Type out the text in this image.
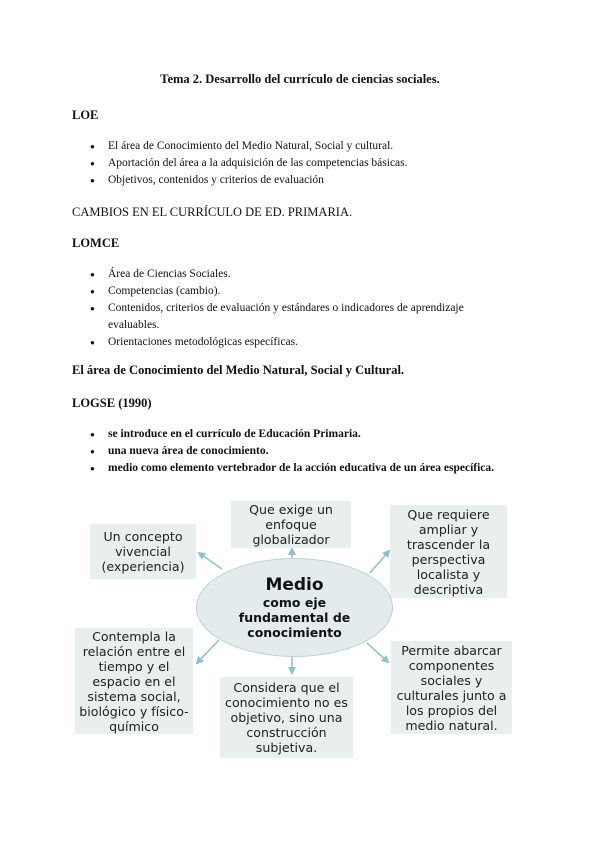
Tema 2. Desarrollo del currículo de ciencias sociales.
LOE
● El área de Conocimiento del Medio Natural, Social y cultural.
● Aportación del área a la adquisición de las competencias básicas.
● Objetivos, contenidos y criterios de evaluación
CAMBIOS EN EL CURRÍCULO DE ED. PRIMARIA.
LOMCE
● Área de Ciencias Sociales.
● Competencias (cambio).
● Contenidos, criterios de evaluación y estándares o indicadores de aprendizaje evaluables.
● Orientaciones metodológicas específicas.
El área de Conocimiento del Medio Natural, Social y Cultural.
LOGSE (1990)
● se introduce en el currículo de Educación Primaria.
● una nueva área de conocimiento.
● medio como elemento vertebrador de la acción educativa de un área específica.
Un concepto vivencial (experiencia)
Que exige un enfoque globalizador
Que requiere ampliar y trascender la perspectiva localista y descriptiva
Contempla la relación entre el tiempo y el espacio en el sistema social, biológico y físico-químico
Considera que el conocimiento no es objetivo, sino una construcción subjetiva.
Permite abarcar componentes sociales y culturales junto a los propios del medio natural.
Medio
como eje fundamental de conocimiento
